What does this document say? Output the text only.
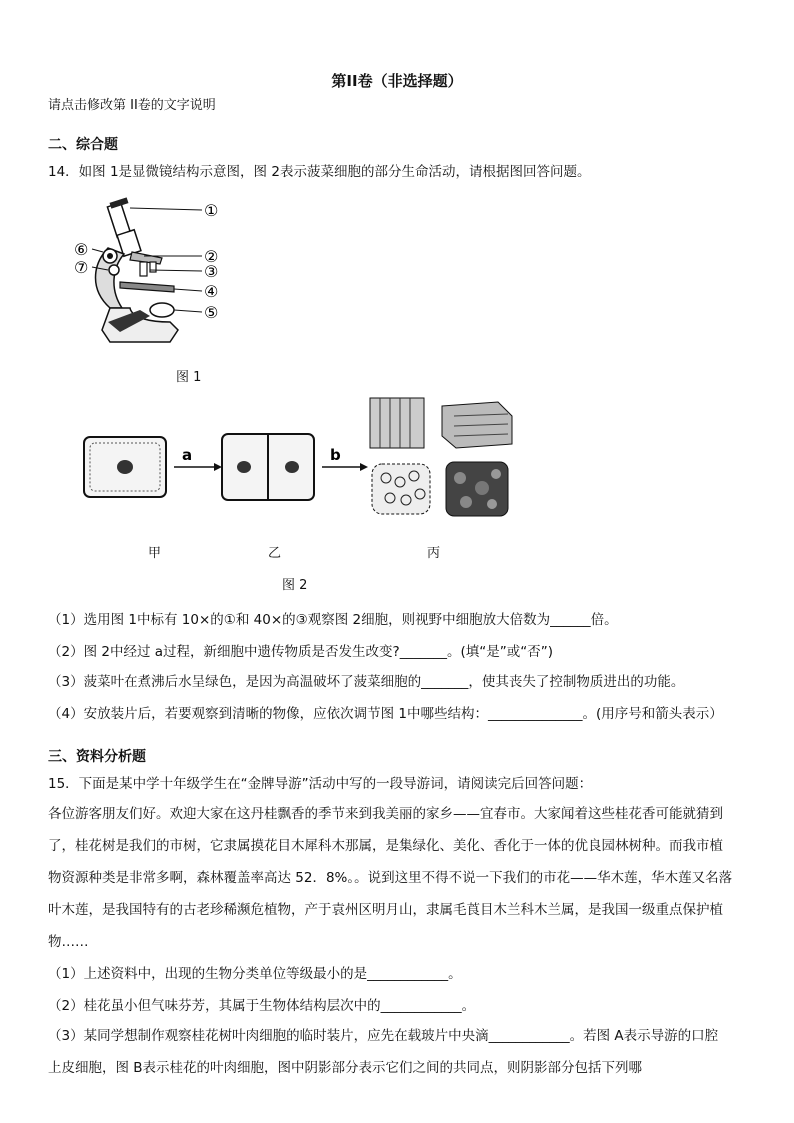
第II卷（非选择题）
请点击修改第 II卷的文字说明
二、综合题
14．如图 1是显微镜结构示意图，图 2表示菠菜细胞的部分生命活动，请根据图回答问题。
①
②
③
④
⑤
⑥
⑦
图 1
a	b
甲	乙	丙
图 2
（1）选用图 1中标有 10×的①和 40×的③观察图 2细胞，则视野中细胞放大倍数为______倍。
（2）图 2中经过 a过程，新细胞中遗传物质是否发生改变?_______。(填“是”或“否”)
（3）菠菜叶在煮沸后水呈绿色，是因为高温破坏了菠菜细胞的_______，使其丧失了控制物质进出的功能。
（4）安放装片后，若要观察到清晰的物像，应依次调节图 1中哪些结构：______________。(用序号和箭头表示）
三、资料分析题
15．下面是某中学十年级学生在“金牌导游”活动中写的一段导游词，请阅读完后回答问题：
各位游客朋友们好。欢迎大家在这丹桂飘香的季节来到我美丽的家乡——宜春市。大家闻着这些桂花香可能就猜到
了，桂花树是我们的市树，它隶属摸花目木犀科木那属，是集绿化、美化、香化于一体的优良园林树种。而我市植
物资源种类是非常多啊，森林覆盖率高达 52．8%。。说到这里不得不说一下我们的市花——华木莲，华木莲又名落
叶木莲，是我国特有的古老珍稀濒危植物，产于袁州区明月山，隶属毛莨目木兰科木兰属，是我国一级重点保护植
物……
（1）上述资料中，出现的生物分类单位等级最小的是____________。
（2）桂花虽小但气味芬芳，其属于生物体结构层次中的____________。
（3）某同学想制作观察桂花树叶肉细胞的临时装片，应先在载玻片中央滴____________。若图 A表示导游的口腔
上皮细胞，图 B表示桂花的叶肉细胞，图中阴影部分表示它们之间的共同点，则阴影部分包括下列哪
